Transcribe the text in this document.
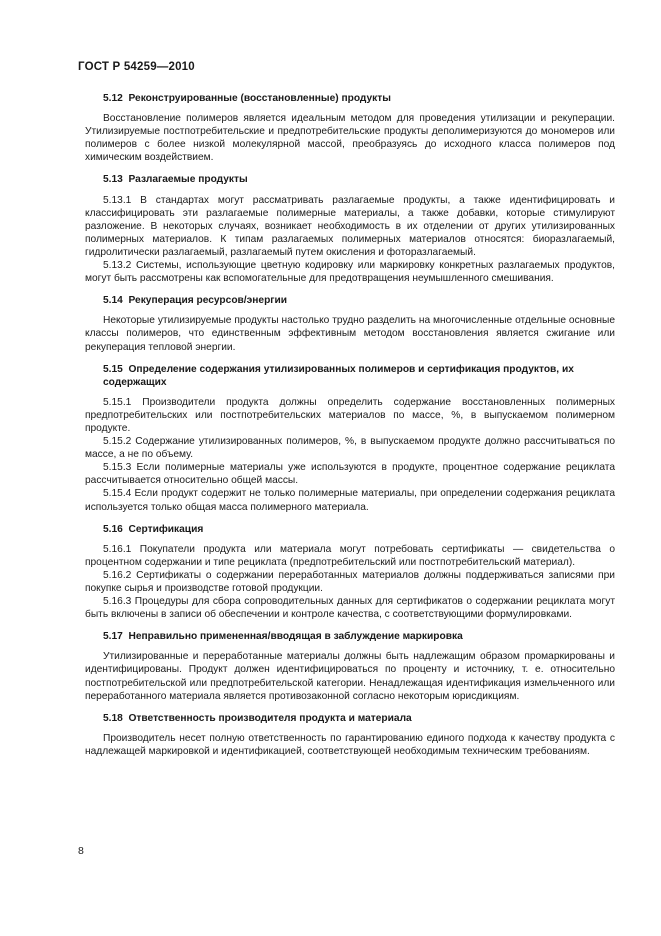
ГОСТ Р 54259—2010
5.12 Реконструированные (восстановленные) продукты

Восстановление полимеров является идеальным методом для проведения утилизации и рекуперации. Утилизируемые постпотребительские и предпотребительские продукты деполимеризуются до мономеров или полимеров с более низкой молекулярной массой, преобразуясь до исходного класса полимеров под химическим воздействием.

5.13 Разлагаемые продукты

5.13.1 В стандартах могут рассматривать разлагаемые продукты, а также идентифицировать и классифицировать эти разлагаемые полимерные материалы, а также добавки, которые стимулируют разложение. В некоторых случаях, возникает необходимость в их отделении от других утилизированных полимерных материалов. К типам разлагаемых полимерных материалов относятся: биоразлагаемый, гидролитически разлагаемый, разлагаемый путем окисления и фоторазлагаемый.

5.13.2 Системы, использующие цветную кодировку или маркировку конкретных разлагаемых продуктов, могут быть рассмотрены как вспомогательные для предотвращения неумышленного смешивания.

5.14 Рекуперация ресурсов/энергии

Некоторые утилизируемые продукты настолько трудно разделить на многочисленные отдельные основные классы полимеров, что единственным эффективным методом восстановления является сжигание или рекуперация тепловой энергии.

5.15 Определение содержания утилизированных полимеров и сертификация продуктов, их содержащих

5.15.1 Производители продукта должны определить содержание восстановленных полимерных предпотребительских или постпотребительских материалов по массе, %, в выпускаемом полимерном продукте.

5.15.2 Содержание утилизированных полимеров, %, в выпускаемом продукте должно рассчитываться по массе, а не по объему.

5.15.3 Если полимерные материалы уже используются в продукте, процентное содержание рециклата рассчитывается относительно общей массы.

5.15.4 Если продукт содержит не только полимерные материалы, при определении содержания рециклата используется только общая масса полимерного материала.

5.16 Сертификация

5.16.1 Покупатели продукта или материала могут потребовать сертификаты — свидетельства о процентном содержании и типе рециклата (предпотребительский или постпотребительский материал).

5.16.2 Сертификаты о содержании переработанных материалов должны поддерживаться записями при покупке сырья и производстве готовой продукции.

5.16.3 Процедуры для сбора сопроводительных данных для сертификатов о содержании рециклата могут быть включены в записи об обеспечении и контроле качества, с соответствующими формулировками.

5.17 Неправильно примененная/вводящая в заблуждение маркировка

Утилизированные и переработанные материалы должны быть надлежащим образом промаркированы и идентифицированы. Продукт должен идентифицироваться по проценту и источнику, т. е. относительно постпотребительской или предпотребительской категории. Ненадлежащая идентификация измельченного или переработанного материала является противозаконной согласно некоторым юрисдикциям.

5.18 Ответственность производителя продукта и материала

Производитель несет полную ответственность по гарантированию единого подхода к качеству продукта с надлежащей маркировкой и идентификацией, соответствующей необходимым техническим требованиям.

8
